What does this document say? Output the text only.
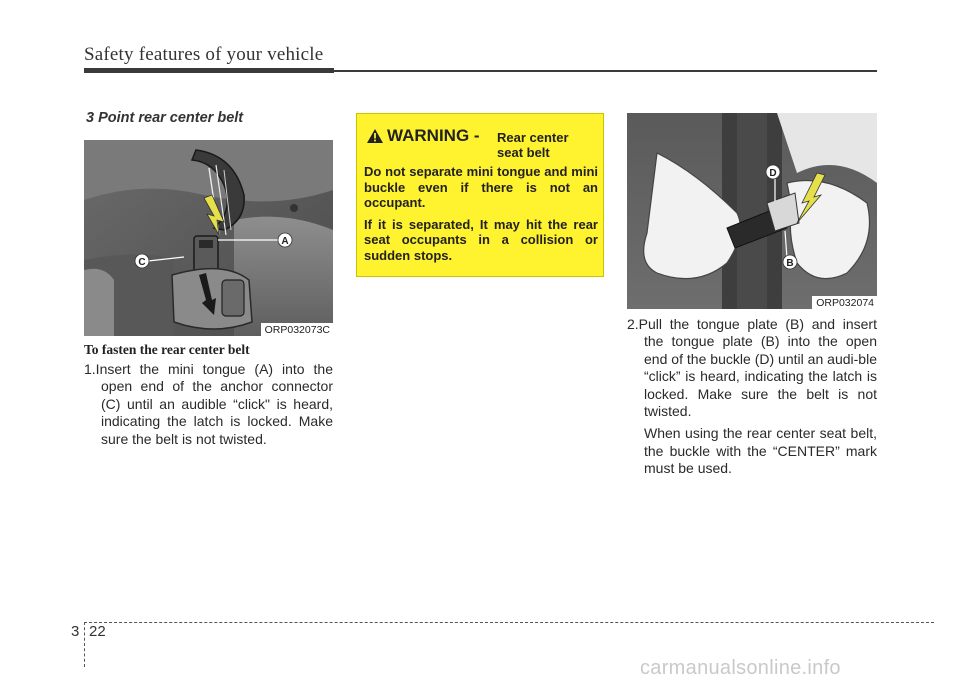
Safety features of your vehicle
3 Point rear center belt
A
C
ORP032073C
To fasten the rear center belt
1.Insert the mini tongue (A) into the open end of the anchor connector (C) until an audible “click" is heard, indicating the latch is locked. Make sure the belt is not twisted.
WARNING - Rear center
seat belt

Do not separate mini tongue and mini buckle even if there is not an occupant.

If it is separated, It may hit the rear seat occupants in a collision or sudden stops.

D
B
ORP032074
2.Pull the tongue plate (B) and insert the tongue plate (B) into the open end of the buckle (D) until an audi-ble “click” is heard, indicating the latch is locked. Make sure the belt is not twisted.
When using the rear center seat belt, the buckle with the “CENTER” mark must be used.
3 22
carmanualsonline.info
